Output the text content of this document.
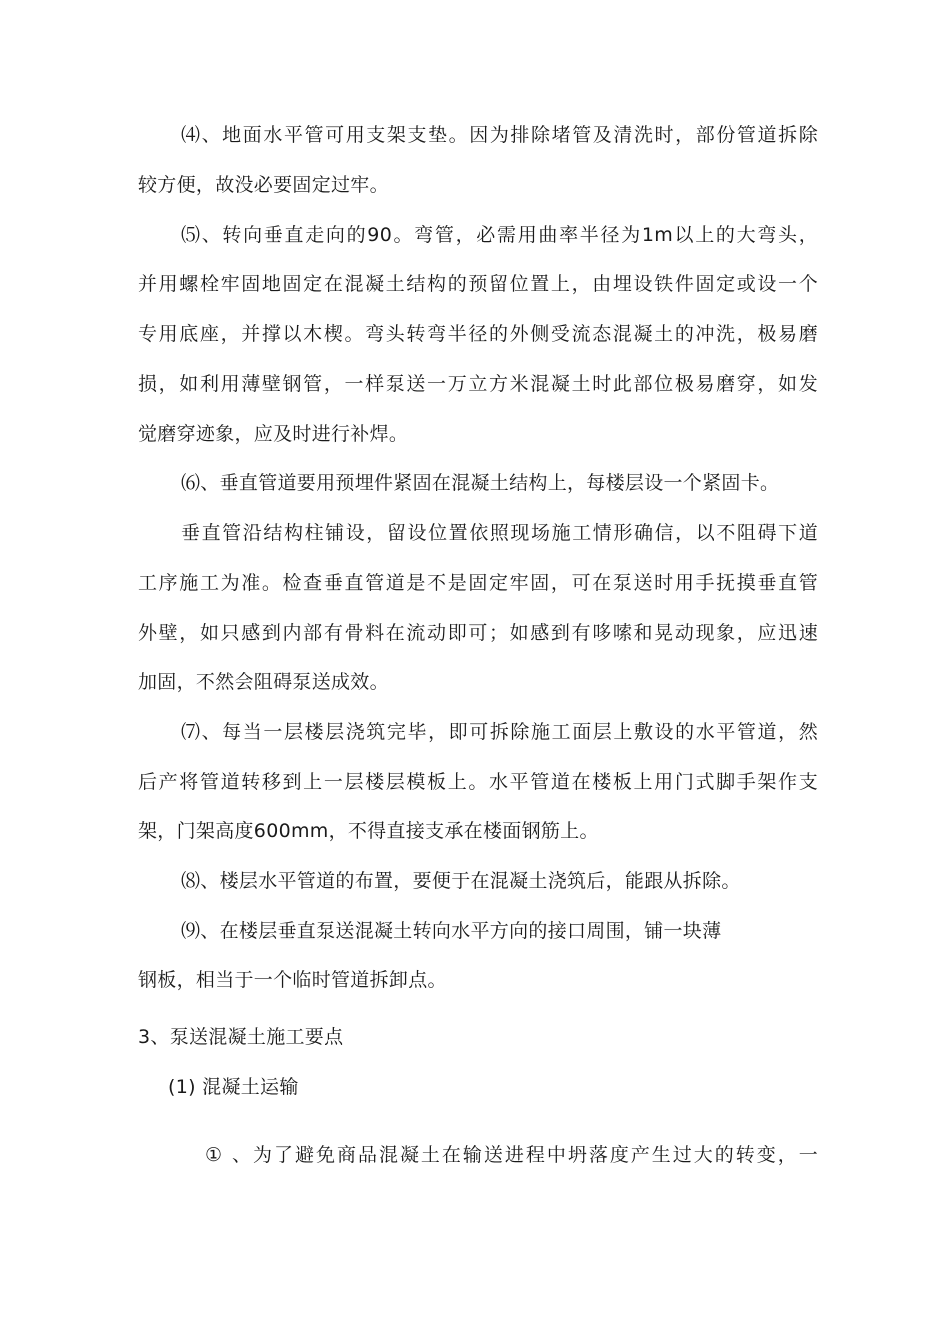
⑷、地面水平管可用支架支垫。因为排除堵管及清洗时，部份管道拆除
较方便，故没必要固定过牢。
⑸、转向垂直走向的90。弯管，必需用曲率半径为1m以上的大弯头，
并用螺栓牢固地固定在混凝土结构的预留位置上，由埋设铁件固定或设一个
专用底座，并撑以木楔。弯头转弯半径的外侧受流态混凝土的冲洗，极易磨
损，如利用薄壁钢管，一样泵送一万立方米混凝土时此部位极易磨穿，如发
觉磨穿迹象，应及时进行补焊。
⑹、垂直管道要用预埋件紧固在混凝土结构上，每楼层设一个紧固卡。
垂直管沿结构柱铺设，留设位置依照现场施工情形确信，以不阻碍下道
工序施工为准。检查垂直管道是不是固定牢固，可在泵送时用手抚摸垂直管
外壁，如只感到内部有骨料在流动即可；如感到有哆嗦和晃动现象，应迅速
加固，不然会阻碍泵送成效。
⑺、每当一层楼层浇筑完毕，即可拆除施工面层上敷设的水平管道，然
后产将管道转移到上一层楼层模板上。水平管道在楼板上用门式脚手架作支
架，门架高度600mm，不得直接支承在楼面钢筋上。
⑻、楼层水平管道的布置，要便于在混凝土浇筑后，能跟从拆除。
⑼、在楼层垂直泵送混凝土转向水平方向的接口周围，铺一块薄
钢板，相当于一个临时管道拆卸点。
3、泵送混凝土施工要点
(1) 混凝土运输
① 、为了避免商品混凝土在输送进程中坍落度产生过大的转变，一
